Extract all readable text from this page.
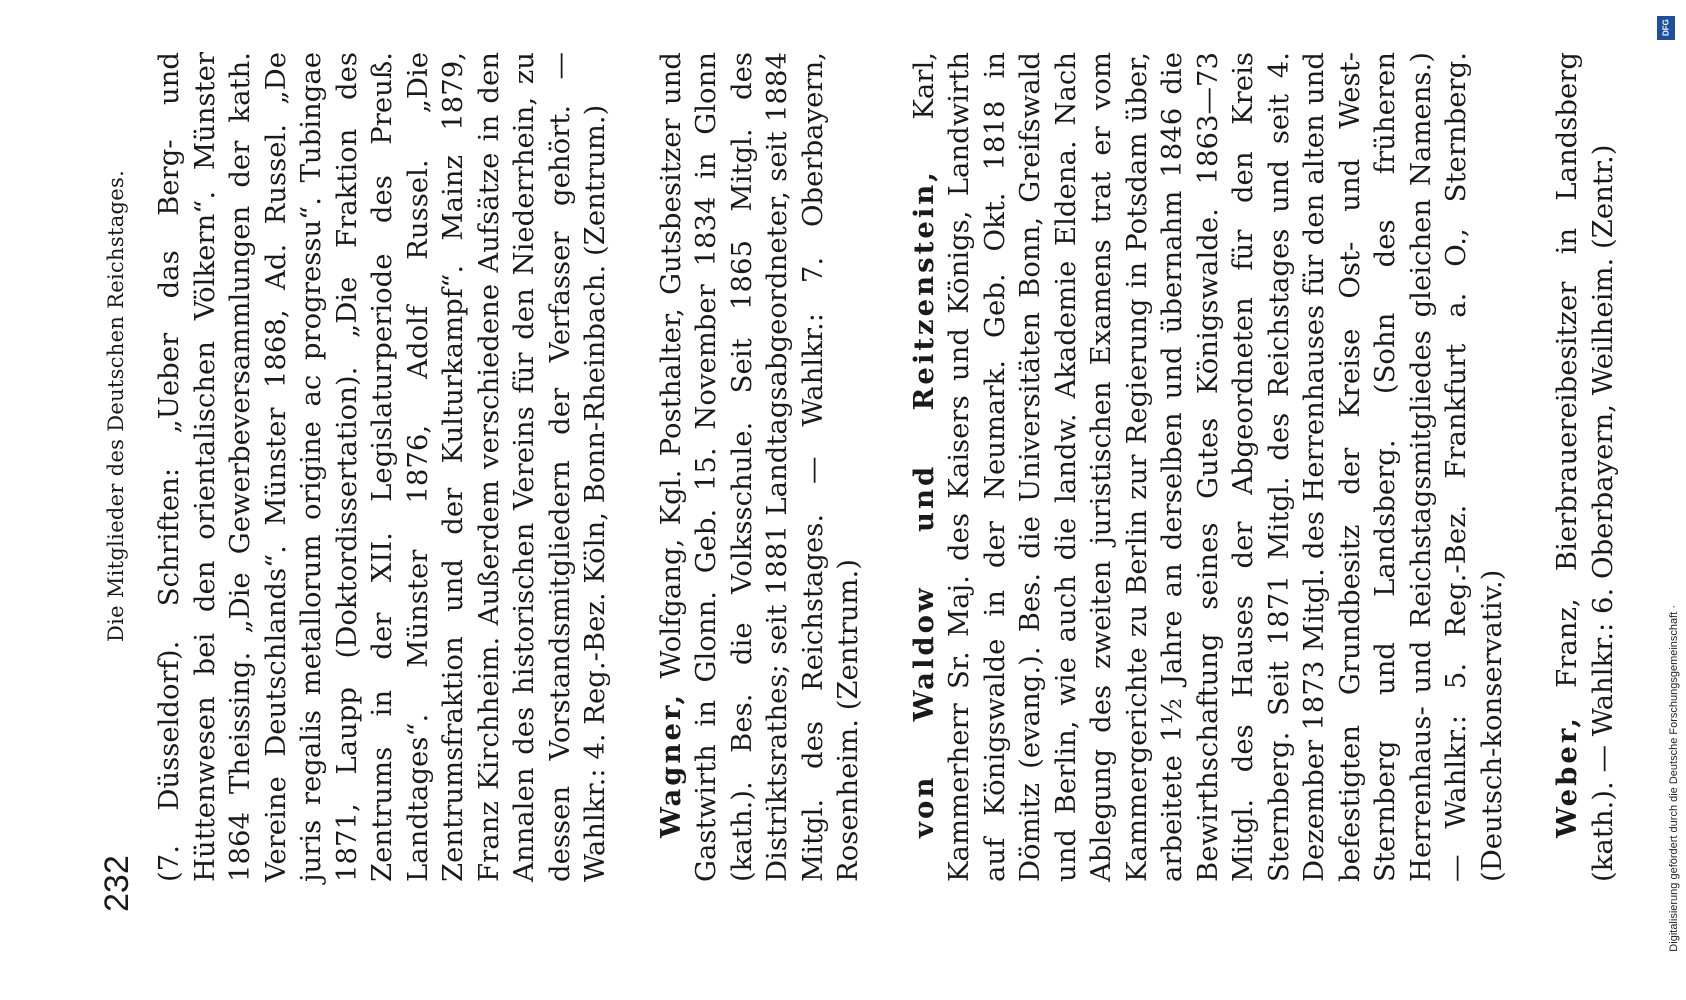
232
Die Mitglieder des Deutschen Reichstages. (7. Düsseldorf). Schriften: „Ueber das Berg- und Hüttenwesen bei den orientalischen Völkern“. Münster 1864 Theissing. „Die Gewerbeversammlungen der kath. Vereine Deutschlands“. Münster 1868, Ad. Russel. „De juris regalis metallorum origine ac progressu“. Tubingae 1871, Laupp (Doktordissertation). „Die Fraktion des Zentrums in der XII. Legislaturperiode des Preuß. Landtages“. Münster 1876, Adolf Russel. „Die Zentrumsfraktion und der Kulturkampf“. Mainz 1879, Franz Kirchheim. Außerdem verschiedene Aufsätze in den Annalen des historischen Vereins für den Niederrhein, zu dessen Vorstandsmitgliedern der Verfasser gehört. — Wahlkr.: 4. Reg.-Bez. Köln, Bonn-Rheinbach. (Zentrum.) Wagner, Wolfgang, Kgl. Posthalter, Gutsbesitzer und Gastwirth in Glonn. Geb. 15. November 1834 in Glonn (kath.). Bes. die Volksschule. Seit 1865 Mitgl. des Distriktsrathes; seit 1881 Landtagsabgeordneter, seit 1884 Mitgl. des Reichstages. — Wahlkr.: 7. Oberbayern, Rosenheim. (Zentrum.) von Waldow und Reitzenstein, Karl, Kammerherr Sr. Maj. des Kaisers und Königs, Landwirth auf Königswalde in der Neumark. Geb. Okt. 1818 in Dömitz (evang.). Bes. die Universitäten Bonn, Greifswald und Berlin, wie auch die landw. Akademie Eldena. Nach Ablegung des zweiten juristischen Examens trat er vom Kammergerichte zu Berlin zur Regierung in Potsdam über, arbeitete 1½ Jahre an derselben und übernahm 1846 die Bewirthschaftung seines Gutes Königswalde. 1863—73 Mitgl. des Hauses der Abgeordneten für den Kreis Sternberg. Seit 1871 Mitgl. des Reichstages und seit 4. Dezember 1873 Mitgl. des Herrenhauses für den alten und befestigten Grundbesitz der Kreise Ost- und West-Sternberg und Landsberg. (Sohn des früheren Herrenhaus- und Reichstagsmitgliedes gleichen Namens.) — Wahlkr.: 5. Reg.-Bez. Frankfurt a. O., Sternberg. (Deutsch-konservativ.) Weber, Franz, Bierbrauereibesitzer in Landsberg (kath.). — Wahlkr.: 6. Oberbayern, Weilheim. (Zentr.)

DFG
Digitalisierung gefördert durch die Deutsche Forschungsgemeinschaft ·
